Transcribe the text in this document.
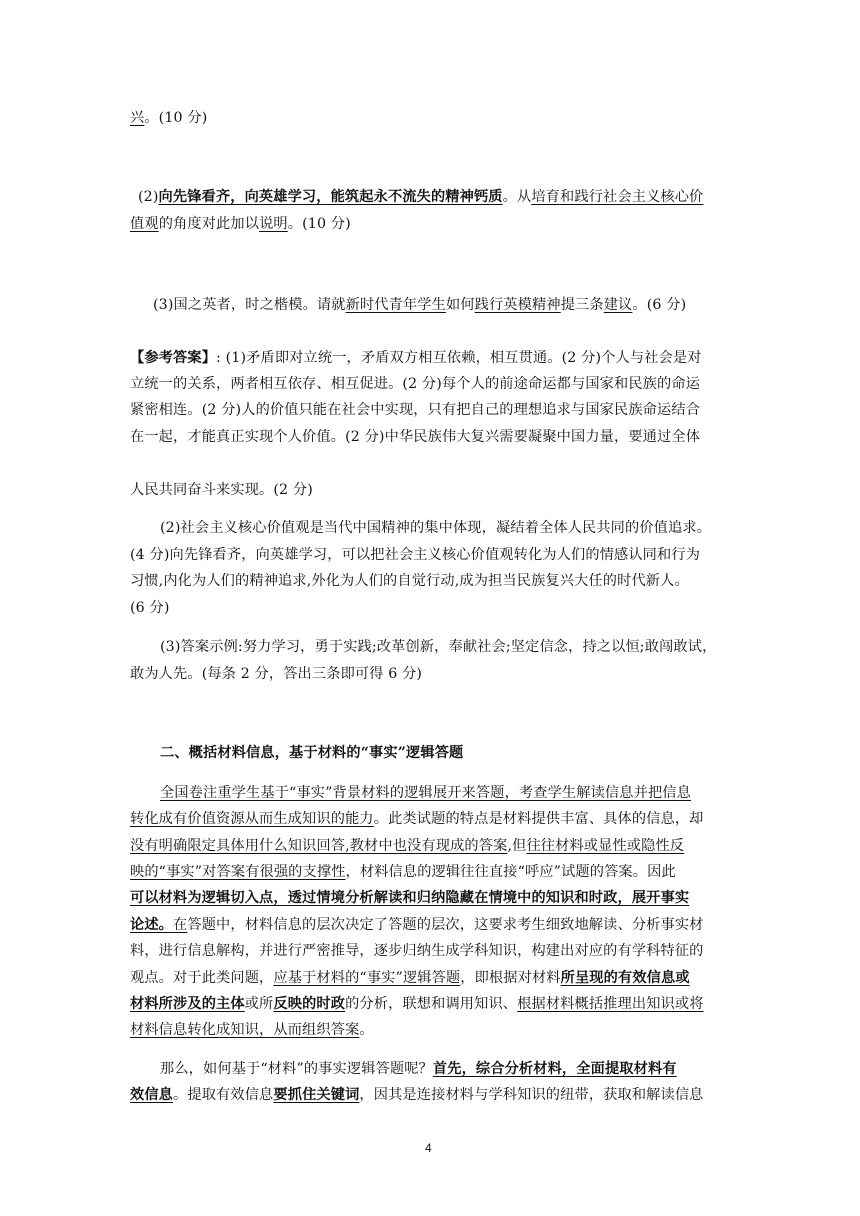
兴。(10 分)
(2)向先锋看齐，向英雄学习，能筑起永不流失的精神钙质。从培育和践行社会主义核心价
值观的角度对此加以说明。(10 分)
(3)国之英者，时之楷模。请就新时代青年学生如何践行英模精神提三条建议。(6 分)
【参考答案】: (1)矛盾即对立统一，矛盾双方相互依赖，相互贯通。(2 分)个人与社会是对
立统一的关系，两者相互依存、相互促进。(2 分)每个人的前途命运都与国家和民族的命运
紧密相连。(2 分)人的价值只能在社会中实现，只有把自己的理想追求与国家民族命运结合
在一起，才能真正实现个人价值。(2 分)中华民族伟大复兴需要凝聚中国力量，要通过全体
人民共同奋斗来实现。(2 分)
(2)社会主义核心价值观是当代中国精神的集中体现，凝结着全体人民共同的价值追求。
(4 分)向先锋看齐，向英雄学习，可以把社会主义核心价值观转化为人们的情感认同和行为
习惯,内化为人们的精神追求,外化为人们的自觉行动,成为担当民族复兴大任的时代新人。
(6 分)
(3)答案示例:努力学习，勇于实践;改革创新，奉献社会;坚定信念，持之以恒;敢闯敢试，
敢为人先。(每条 2 分，答出三条即可得 6 分)
二、概括材料信息，基于材料的“事实”逻辑答题
全国卷注重学生基于“事实”背景材料的逻辑展开来答题，考查学生解读信息并把信息
转化成有价值资源从而生成知识的能力。此类试题的特点是材料提供丰富、具体的信息，却
没有明确限定具体用什么知识回答,教材中也没有现成的答案,但往往材料或显性或隐性反
映的“事实”对答案有很强的支撑性，材料信息的逻辑往往直接“呼应”试题的答案。因此
可以材料为逻辑切入点，透过情境分析解读和归纳隐藏在情境中的知识和时政，展开事实
论述。在答题中，材料信息的层次决定了答题的层次，这要求考生细致地解读、分析事实材
料，进行信息解构，并进行严密推导，逐步归纳生成学科知识，构建出对应的有学科特征的
观点。对于此类问题，应基于材料的“事实”逻辑答题，即根据对材料所呈现的有效信息或
材料所涉及的主体或所反映的时政的分析，联想和调用知识、根据材料概括推理出知识或将
材料信息转化成知识，从而组织答案。
那么，如何基于“材料”的事实逻辑答题呢？首先，综合分析材料，全面提取材料有
效信息。提取有效信息要抓住关键词，因其是连接材料与学科知识的纽带，获取和解读信息
4
